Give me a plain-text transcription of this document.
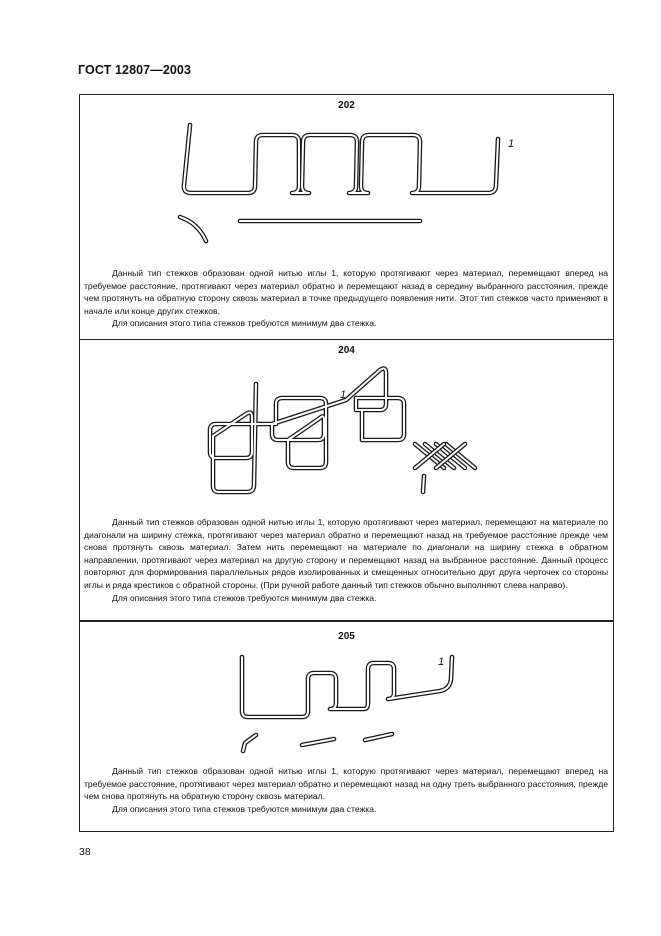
ГОСТ 12807—2003
202
1

Данный тип стежков образован одной нитью иглы 1, которую протягивают через материал, перемещают вперед на требуемое расстояние, протягивают через материал обратно и перемещают назад в середину выбранного расстояния, прежде чем протянуть на обратную сторону сквозь материал в точке предыдущего появления нити. Этот тип стежков часто применяют в начале или конце других стежков.

Для описания этого типа стежков требуются минимум два стежка.

204
1

Данный тип стежков образован одной нитью иглы 1, которую протягивают через материал, перемещают на материале по диагонали на ширину стежка, протягивают через материал обратно и перемещают назад на требуемое расстояние прежде чем снова протянуть сквозь материал. Затем нить перемещают на материале по диагонали на ширину стежка в обратном направлении, протягивают через материал на другую сторону и перемещают назад на выбранное расстояние. Данный процесс повторяют для формирования параллельных рядов изолированных и смещенных относительно друг друга черточек со стороны иглы и ряда крестиков с обратной стороны. (При ручной работе данный тип стежков обычно выполняют слева направо).

Для описания этого типа стежков требуются минимум два стежка.

205
1

Данный тип стежков образован одной нитью иглы 1, которую протягивают через материал, перемещают вперед на требуемое расстояние, протягивают через материал обратно и перемещают назад на одну треть выбранного расстояния, прежде чем снова протянуть на обратную сторону сквозь материал.

Для описания этого типа стежков требуются минимум два стежка.

38
